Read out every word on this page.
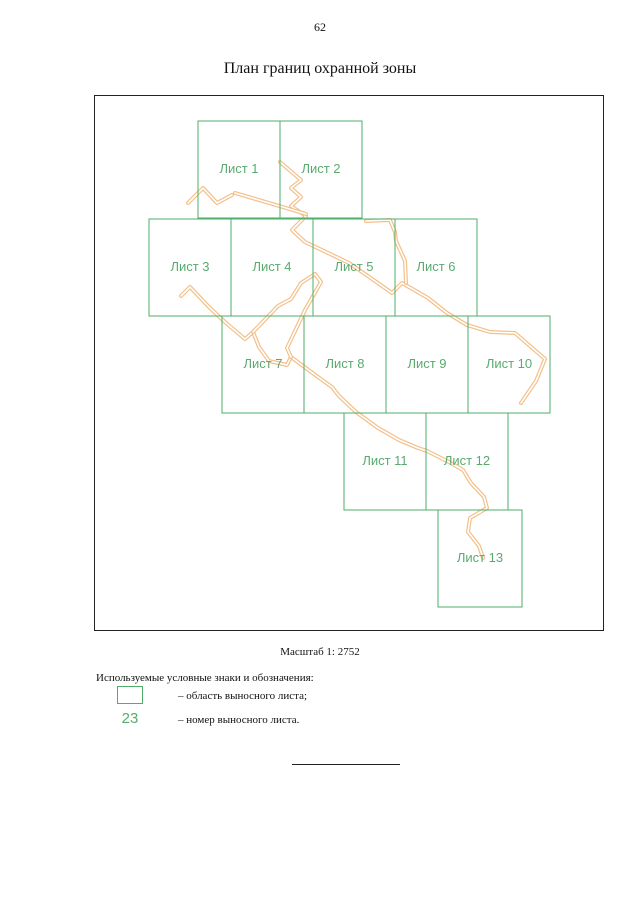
62
План границ охранной зоны
Лист 1	Лист 2
Лист 3	Лист 4	Лист 5	Лист 6
Лист 7	Лист 8	Лист 9	Лист 10
Лист 11	Лист 12
Лист 13
Масштаб 1: 2752
Используемые условные знаки и обозначения:
– область выносного листа;
23	– номер выносного листа.
